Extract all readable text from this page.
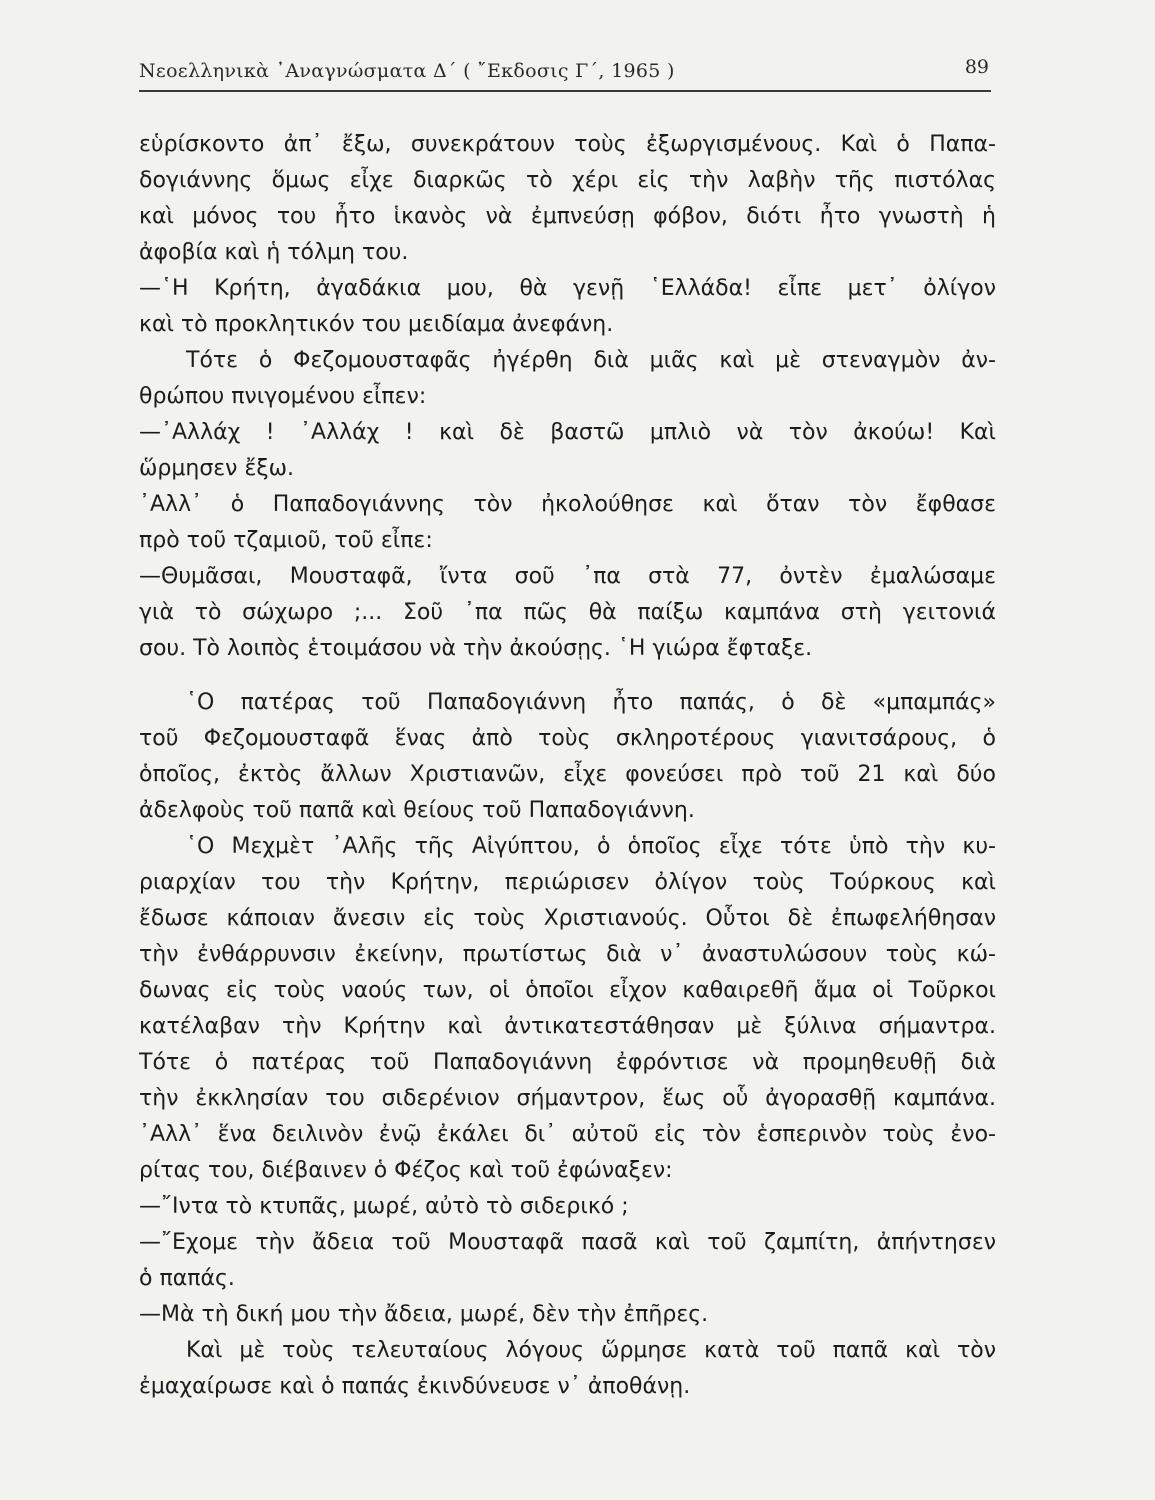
Νεοελληνικὰ ᾿Αναγνώσματα Δ΄ ( ῎Εκδοσις Γ΄, 1965 )	89
εὑρίσκοντο ἀπ᾿ ἔξω, συνεκράτουν τοὺς ἐξωργισμένους. Καὶ ὁ Παπα-
δογιάννης ὅμως εἶχε διαρκῶς τὸ χέρι εἰς τὴν λαβὴν τῆς πιστόλας
καὶ μόνος του ἦτο ἱκανὸς νὰ ἐμπνεύσῃ φόβον, διότι ἦτο γνωστὴ ἡ
ἀφοβία καὶ ἡ τόλμη του.
—῾Η Κρήτη, ἀγαδάκια μου, θὰ γενῇ ῾Ελλάδα! εἶπε μετ᾿ ὀλίγον
καὶ τὸ προκλητικόν του μειδίαμα ἀνεφάνη.
Τότε ὁ Φεζομουσταφᾶς ἠγέρθη διὰ μιᾶς καὶ μὲ στεναγμὸν ἀν-
θρώπου πνιγομένου εἶπεν:
—᾿Αλλάχ ! ᾿Αλλάχ ! καὶ δὲ βαστῶ μπλιὸ νὰ τὸν ἀκούω! Καὶ
ὥρμησεν ἔξω.
᾿Αλλ᾿ ὁ Παπαδογιάννης τὸν ἠκολούθησε καὶ ὅταν τὸν ἔφθασε
πρὸ τοῦ τζαμιοῦ, τοῦ εἶπε:
—Θυμᾶσαι, Μουσταφᾶ, ἴντα σοῦ ᾿πα στὰ 77, ὀντὲν ἐμαλώσαμε
γιὰ τὸ σώχωρο ;... Σοῦ ᾿πα πῶς θὰ παίξω καμπάνα στὴ γειτονιά
σου. Τὸ λοιπὸς ἑτοιμάσου νὰ τὴν ἀκούσῃς. ῾Η γιώρα ἔφταξε.
῾Ο πατέρας τοῦ Παπαδογιάννη ἦτο παπάς, ὁ δὲ «μπαμπάς»
τοῦ Φεζομουσταφᾶ ἕνας ἀπὸ τοὺς σκληροτέρους γιανιτσάρους, ὁ
ὁποῖος, ἐκτὸς ἄλλων Χριστιανῶν, εἶχε φονεύσει πρὸ τοῦ 21 καὶ δύο
ἀδελφοὺς τοῦ παπᾶ καὶ θείους τοῦ Παπαδογιάννη.
῾Ο Μεχμὲτ ᾿Αλῆς τῆς Αἰγύπτου, ὁ ὁποῖος εἶχε τότε ὑπὸ τὴν κυ-
ριαρχίαν του τὴν Κρήτην, περιώρισεν ὀλίγον τοὺς Τούρκους καὶ
ἔδωσε κάποιαν ἄνεσιν εἰς τοὺς Χριστιανούς. Οὗτοι δὲ ἐπωφελήθησαν
τὴν ἐνθάρρυνσιν ἐκείνην, πρωτίστως διὰ ν᾿ ἀναστυλώσουν τοὺς κώ-
δωνας εἰς τοὺς ναούς των, οἱ ὁποῖοι εἶχον καθαιρεθῆ ἅμα οἱ Τοῦρκοι
κατέλαβαν τὴν Κρήτην καὶ ἀντικατεστάθησαν μὲ ξύλινα σήμαντρα.
Τότε ὁ πατέρας τοῦ Παπαδογιάννη ἐφρόντισε νὰ προμηθευθῇ διὰ
τὴν ἐκκλησίαν του σιδερένιον σήμαντρον, ἕως οὗ ἀγορασθῇ καμπάνα.
᾿Αλλ᾿ ἕνα δειλινὸν ἐνῷ ἐκάλει δι᾿ αὐτοῦ εἰς τὸν ἑσπερινὸν τοὺς ἐνο-
ρίτας του, διέβαινεν ὁ Φέζος καὶ τοῦ ἐφώναξεν:
—῎Ιντα τὸ κτυπᾶς, μωρέ, αὐτὸ τὸ σιδερικό ;
—῎Εχομε τὴν ἄδεια τοῦ Μουσταφᾶ πασᾶ καὶ τοῦ ζαμπίτη, ἀπήντησεν
ὁ παπάς.
—Μὰ τὴ δική μου τὴν ἄδεια, μωρέ, δὲν τὴν ἐπῆρες.
Καὶ μὲ τοὺς τελευταίους λόγους ὥρμησε κατὰ τοῦ παπᾶ καὶ τὸν
ἐμαχαίρωσε καὶ ὁ παπάς ἐκινδύνευσε ν᾿ ἀποθάνῃ.
